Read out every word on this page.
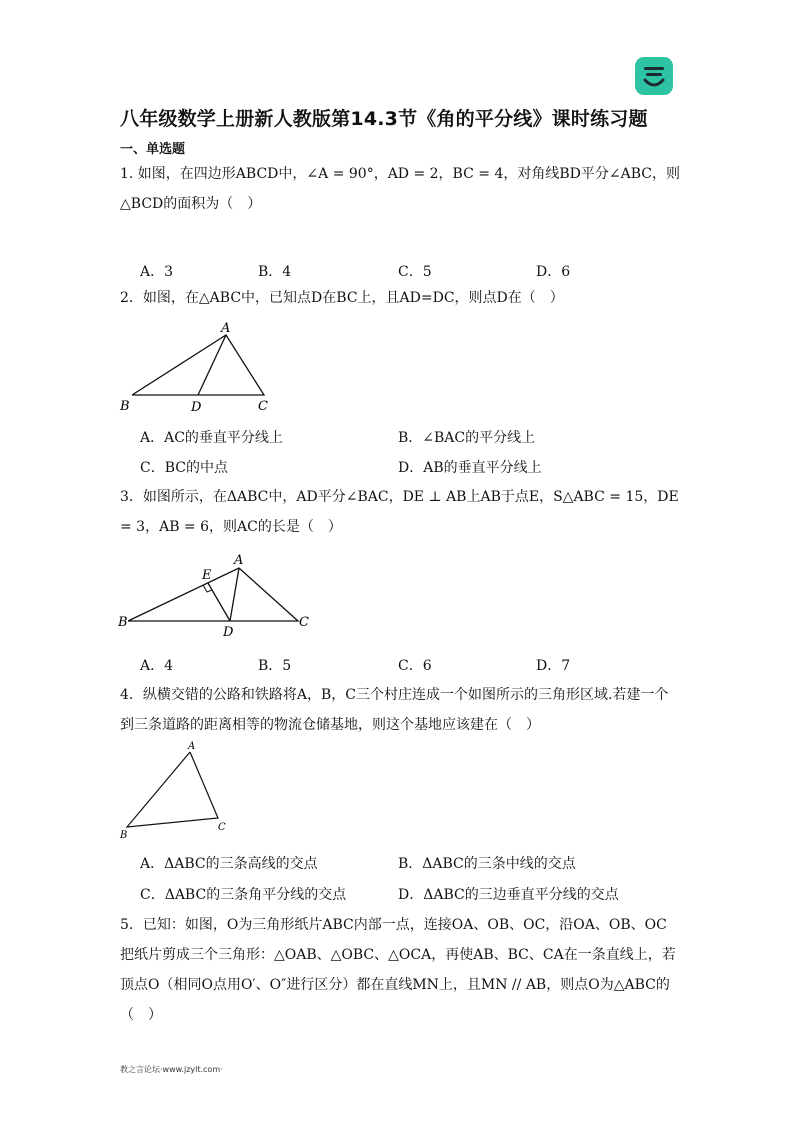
八年级数学上册新人教版第14.3节《角的平分线》课时练习题
一、单选题
1. 如图，在四边形ABCD中，∠A = 90°，AD = 2，BC = 4，对角线BD平分∠ABC，则△BCD的面积为（　）
A．3	B．4	C．5	D．6
2．如图，在△ABC中，已知点D在BC上，且AD=DC，则点D在（　）
A
B	D	C
A．AC的垂直平分线上	B．∠BAC的平分线上
C．BC的中点	D．AB的垂直平分线上
3．如图所示，在ΔABC中，AD平分∠BAC，DE ⊥ AB上AB于点E，S△ABC = 15，DE = 3，AB = 6，则AC的长是（　）
A
E
B
D
C
A．4	B．5	C．6	D．7
4．纵横交错的公路和铁路将A，B，C三个村庄连成一个如图所示的三角形区域.若建一个到三条道路的距离相等的物流仓储基地，则这个基地应该建在（　）
A
B
C
A．ΔABC的三条高线的交点	B．ΔABC的三条中线的交点
C．ΔABC的三条角平分线的交点	D．ΔABC的三边垂直平分线的交点
5．已知：如图，O为三角形纸片ABC内部一点，连接OA、OB、OC，沿OA、OB、OC把纸片剪成三个三角形：△OAB、△OBC、△OCA，再使AB、BC、CA在一条直线上，若顶点O（相同O点用O′、O″进行区分）都在直线MN上，且MN // AB，则点O为△ABC的（　）
教之言论坛·www.jzylt.com·
